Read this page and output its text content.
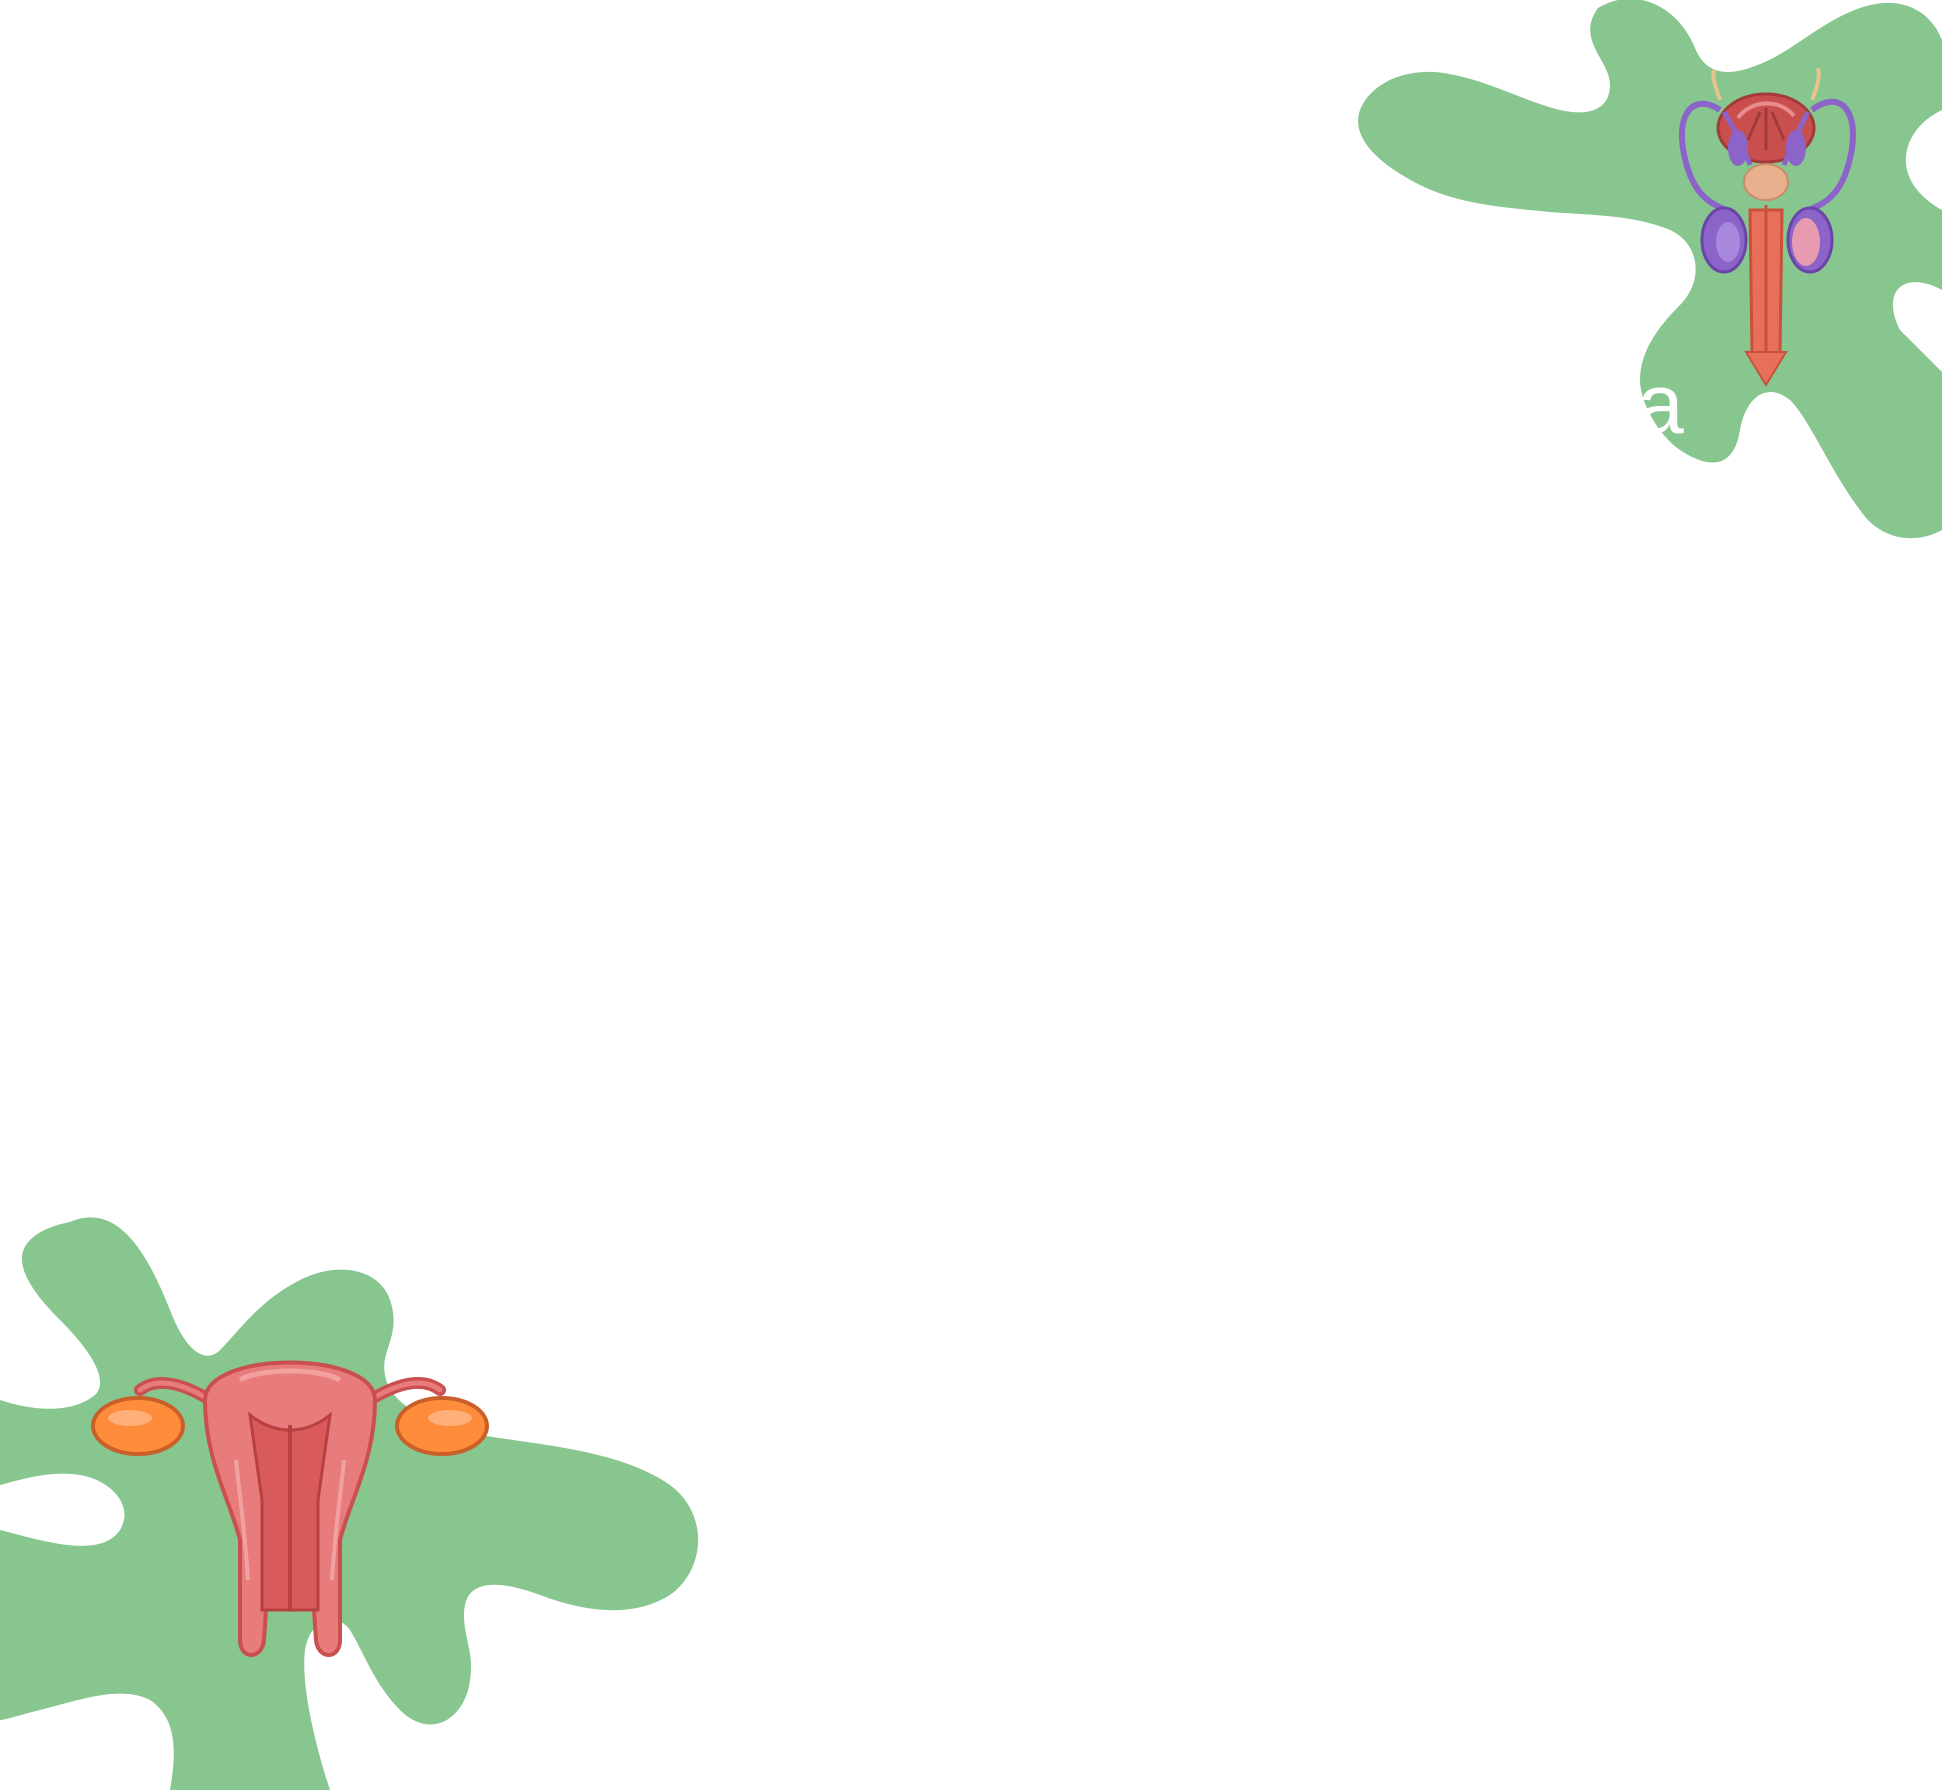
ka
